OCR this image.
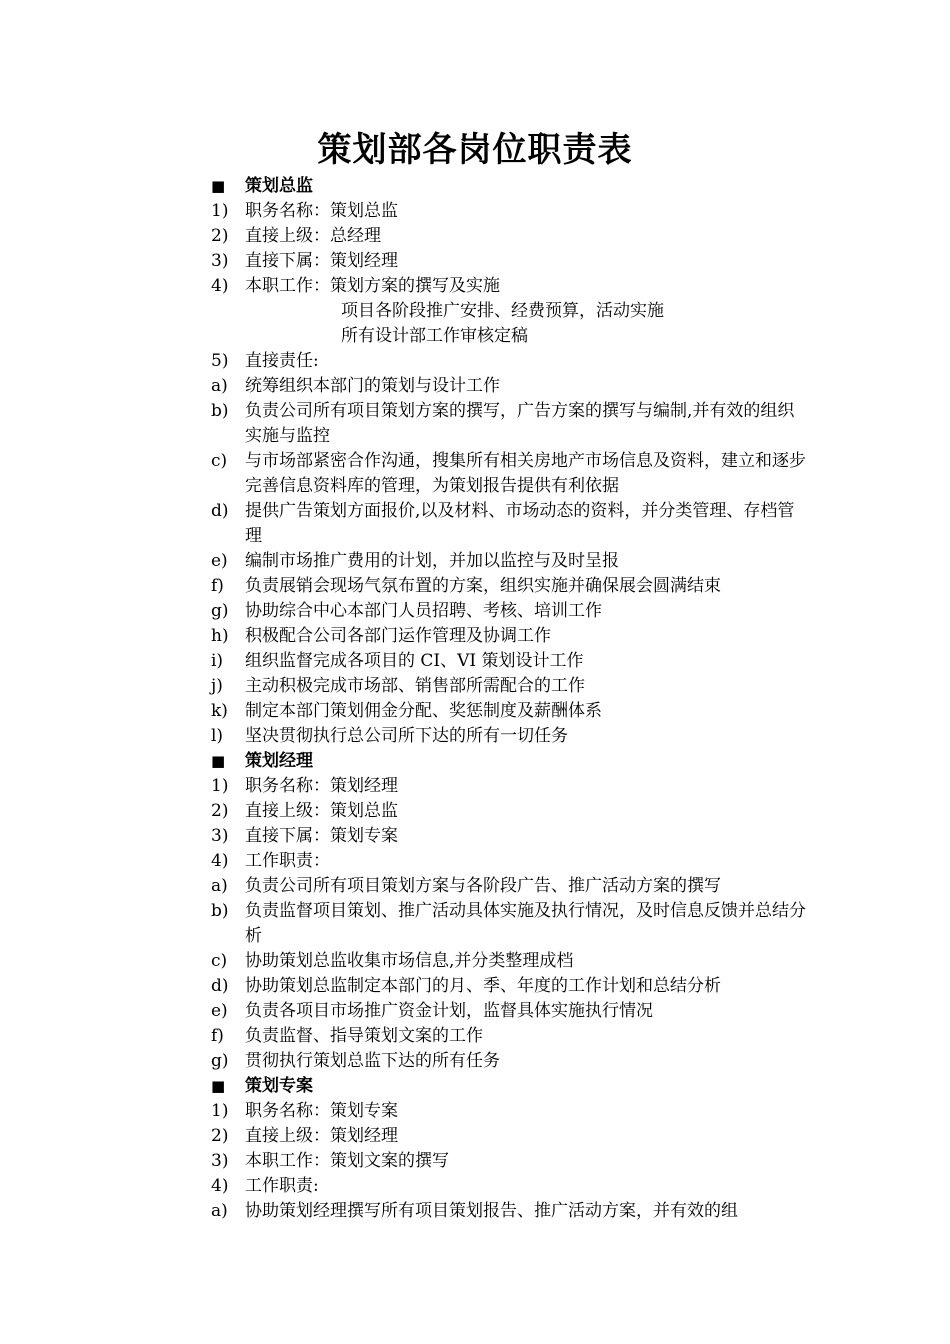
策划部各岗位职责表
■	策划总监
1) 职务名称：策划总监
2) 直接上级：总经理
3) 直接下属：策划经理
4) 本职工作：策划方案的撰写及实施
项目各阶段推广安排、经费预算，活动实施
所有设计部工作审核定稿
5) 直接责任:
a)	统筹组织本部门的策划与设计工作
b) 负责公司所有项目策划方案的撰写，广告方案的撰写与编制,并有效的组织实施与监控
c)	与市场部紧密合作沟通，搜集所有相关房地产市场信息及资料，建立和逐步完善信息资料库的管理，为策划报告提供有利依据
d) 提供广告策划方面报价,以及材料、市场动态的资料，并分类管理、存档管理
e)	编制市场推广费用的计划，并加以监控与及时呈报
f)	负责展销会现场气氛布置的方案，组织实施并确保展会圆满结束
g) 协助综合中心本部门人员招聘、考核、培训工作
h) 积极配合公司各部门运作管理及协调工作
i)	组织监督完成各项目的 CI、VI 策划设计工作
j)	主动积极完成市场部、销售部所需配合的工作
k)	制定本部门策划佣金分配、奖惩制度及薪酬体系
l)	坚决贯彻执行总公司所下达的所有一切任务
■	策划经理
1) 职务名称：策划经理
2) 直接上级：策划总监
3) 直接下属：策划专案
4) 工作职责：
a)	负责公司所有项目策划方案与各阶段广告、推广活动方案的撰写
b) 负责监督项目策划、推广活动具体实施及执行情况，及时信息反馈并总结分析
c)	协助策划总监收集市场信息,并分类整理成档
d) 协助策划总监制定本部门的月、季、年度的工作计划和总结分析
e)	负责各项目市场推广资金计划，监督具体实施执行情况
f)	负责监督、指导策划文案的工作
g) 贯彻执行策划总监下达的所有任务
■	策划专案
1) 职务名称：策划专案
2) 直接上级：策划经理
3) 本职工作：策划文案的撰写
4) 工作职责:
a)	协助策划经理撰写所有项目策划报告、推广活动方案，并有效的组
